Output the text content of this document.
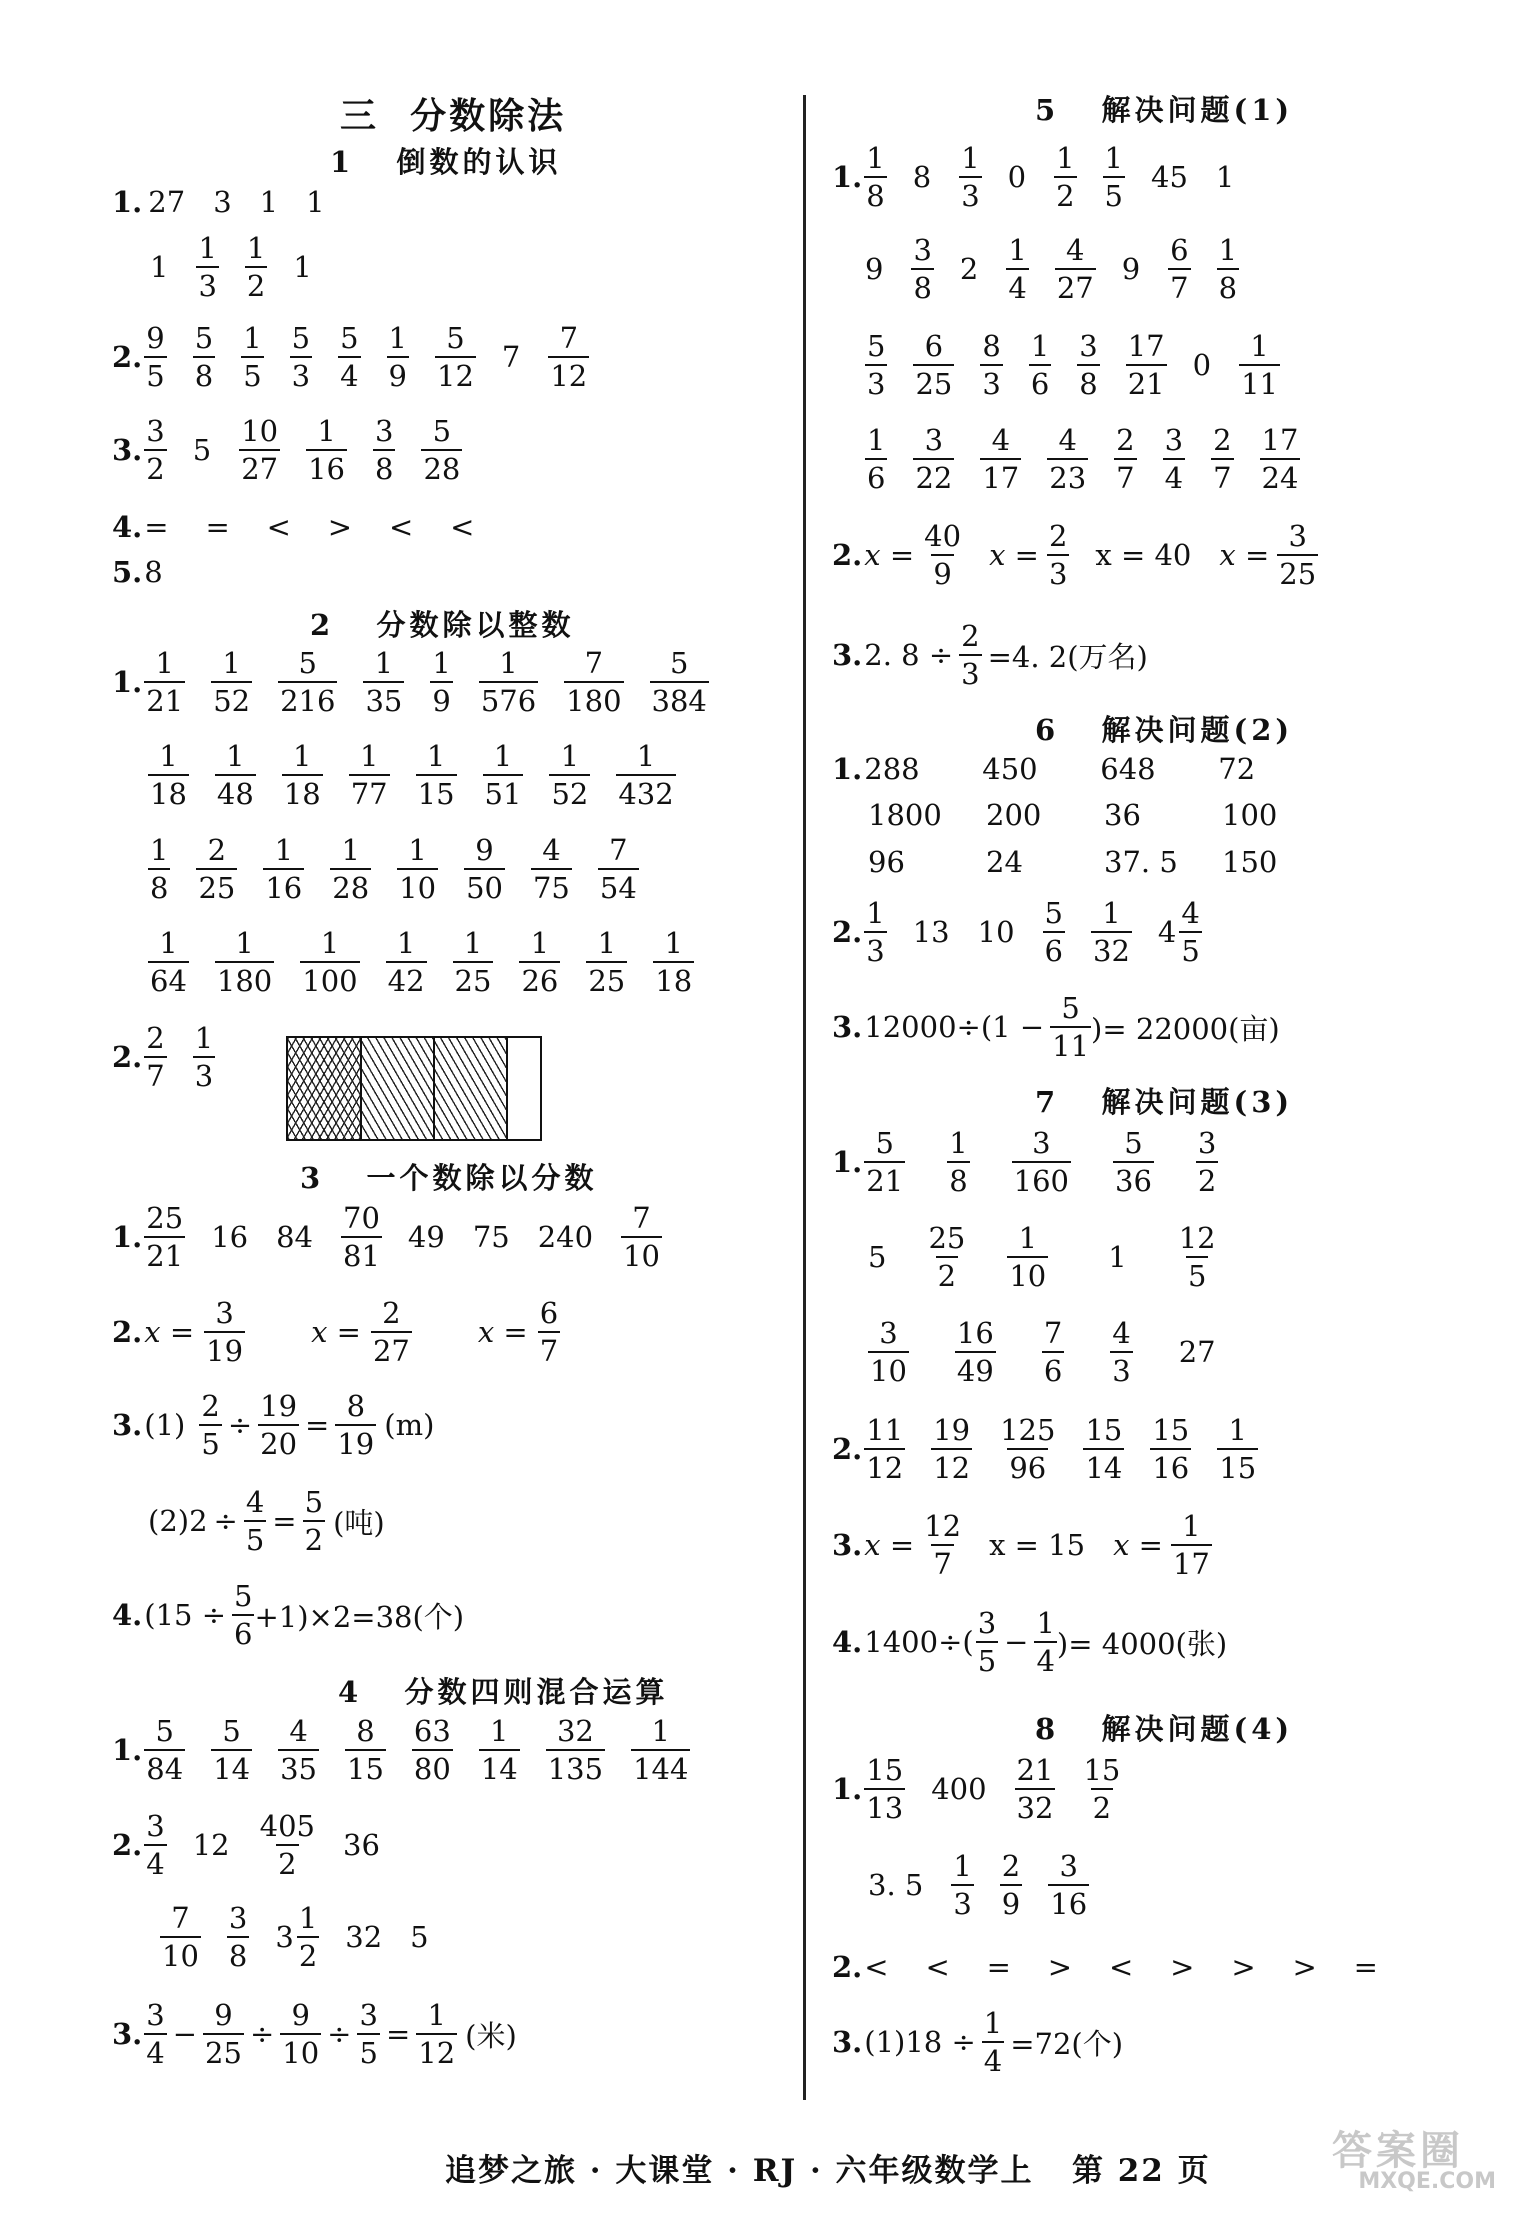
三  分数除法
1   倒数的认识
1. 27 3 1 1
$1 \frac{1}{3} \frac{1}{2} 1$
2. $\frac{9}{5} \frac{5}{8} \frac{1}{5} \frac{5}{3} \frac{5}{4} \frac{1}{9} \frac{5}{12} 7 \frac{7}{12}$
3. $\frac{3}{2} 5 \frac{10}{27} \frac{1}{16} \frac{3}{8} \frac{5}{28}$
4. =    =    <    >    <    <
5. 8
2   分数除以整数
1. $\frac{1}{21} \frac{1}{52} \frac{5}{216} \frac{1}{35} \frac{1}{9} \frac{1}{576} \frac{7}{180} \frac{5}{384}$
$\frac{1}{18} \frac{1}{48} \frac{1}{18} \frac{1}{77} \frac{1}{15} \frac{1}{51} \frac{1}{52} \frac{1}{432}$
$\frac{1}{8} \frac{2}{25} \frac{1}{16} \frac{1}{28} \frac{1}{10} \frac{9}{50} \frac{4}{75} \frac{7}{54}$
$\frac{1}{64} \frac{1}{180} \frac{1}{100} \frac{1}{42} \frac{1}{25} \frac{1}{26} \frac{1}{25} \frac{1}{18}$
2. $\frac{2}{7} \frac{1}{3}$
3   一个数除以分数
1. $\frac{25}{21} 16$ $84 \frac{70}{81} 49$ 75 $240 \frac{7}{10}$
2. $x = \frac{3}{19}$ $x = \frac{2}{27}$ $x = \frac{6}{7}$
3. $(1) \frac{2}{5} \div \frac{19}{20} = \frac{8}{19} (m)$
$(2)2 \div \frac{4}{5} = \frac{5}{2}$ (吨)
4. $(15 \div \frac{5}{6} +1)\times 2=38$(个)
4   分数四则混合运算
1. $\frac{5}{84} \frac{5}{14} \frac{4}{35} \frac{8}{15} \frac{63}{80} \frac{1}{14} \frac{32}{135} \frac{1}{144}$
2. $\frac{3}{4} 12 \frac{405}{2} 36$
$\frac{7}{10} \frac{3}{8} 3 \frac{1}{2} 32$ 5
3. $\frac{3}{4} - \frac{9}{25} \div \frac{9}{10} \div \frac{3}{5} = \frac{1}{12}$ (米)
5   解决问题(1)
1. $\frac{1}{8} 8 \frac{1}{3} 0 \frac{1}{2} \frac{1}{5} 45$ 1
$9 \frac{3}{8} 2 \frac{1}{4} \frac{4}{27} 9 \frac{6}{7} \frac{1}{8}$
$\frac{5}{3} \frac{6}{25} \frac{8}{3} \frac{1}{6} \frac{3}{8} \frac{17}{21} 0 \frac{1}{11}$
$\frac{1}{6} \frac{3}{22} \frac{4}{17} \frac{4}{23} \frac{2}{7} \frac{3}{4} \frac{2}{7} \frac{17}{24}$
2. $x = \frac{40}{9}$ $x = \frac{2}{3}$ x = 40 $x = \frac{3}{25}$
3. 2. $8 \div \frac{2}{3} =4$. 2(万名)
6   解决问题(2)
1. 288	450	648	72
1800	200	36	100
96	24	37. 5	150
2. $\frac{1}{3} 13$ $10 \frac{5}{6} \frac{1}{32} 4 \frac{4}{5}$
3. $12000\div(1 - \frac{5}{11}$ )= 22000(亩)
7   解决问题(3)
1. $\frac{5}{21} \frac{1}{8} \frac{3}{160} \frac{5}{36} \frac{3}{2}$
$5 \frac{25}{2} \frac{1}{10} 1 \frac{12}{5}$
$\frac{3}{10} \frac{16}{49} \frac{7}{6} \frac{4}{3} 27$
2. $\frac{11}{12} \frac{19}{12} \frac{125}{96} \frac{15}{14} \frac{15}{16} \frac{1}{15}$
3. $x = \frac{12}{7}$ x = 15 $x = \frac{1}{17}$
4. $1400\div( \frac{3}{5} - \frac{1}{4}$ )= 4000(张)
8   解决问题(4)
1. $\frac{15}{13} 400 \frac{21}{32} \frac{15}{2}$
3. $5 \frac{1}{3} \frac{2}{9} \frac{3}{16}$
2. <    <    =    >    <    >    >    >    =
3. $(1)18 \div \frac{1}{4} =72$(个)
追梦之旅 · 大课堂 · RJ · 六年级数学上   第 22 页	答案圈
MXQE.COM
